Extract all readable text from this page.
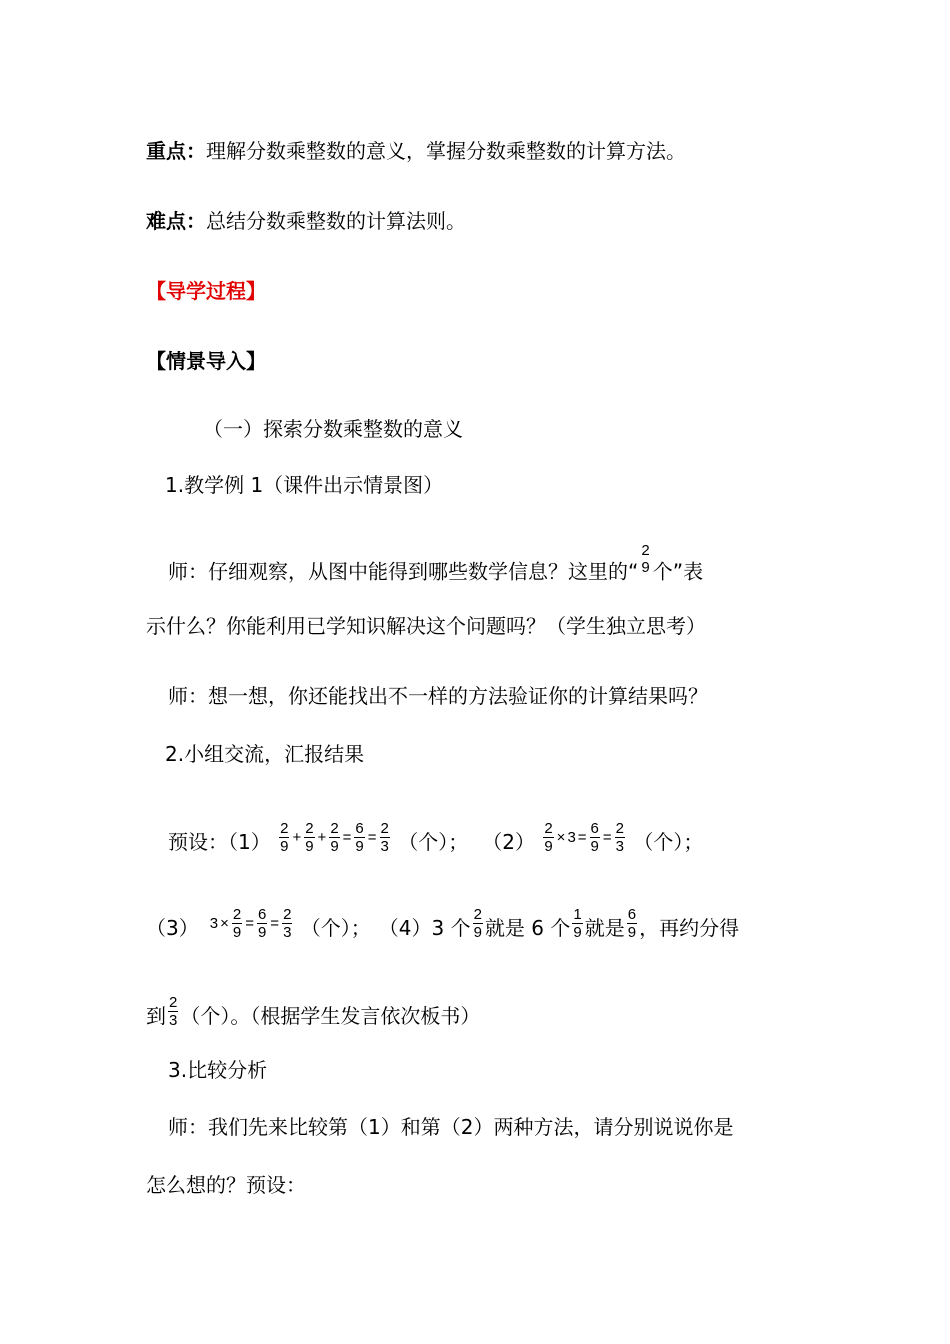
重点：理解分数乘整数的意义，掌握分数乘整数的计算方法。
难点：总结分数乘整数的计算法则。
【导学过程】
【情景导入】
（一）探索分数乘整数的意义
1.教学例 1（课件出示情景图）
师：仔细观察，从图中能得到哪些数学信息？这里的“
2
9 个”表
示什么？你能利用已学知识解决这个问题吗？（学生独立思考）
师：想一想，你还能找出不一样的方法验证你的计算结果吗？
2.小组交流，汇报结果
预设：$(1) \frac{2}{9} ^+ \frac{2}{9} ^+ \frac{2}{9} ^= \frac{6}{9} ^= \frac{2}{3}$ （个）； $(2) \frac{2}{9} ^\times$ $^3$ $^= \frac{6}{9} ^= \frac{2}{3}$ （个）；
（3） $^3$ $^\times \frac{2}{9} ^= \frac{6}{9} ^= \frac{2}{3}$ （个）； （4）3 个 $\frac{2}{9}$ 就是 6 个 $\frac{1}{9}$ 就是 $\frac{6}{9}$ ，再约分得
到 $\frac{2}{3}$ （个）。（根据学生发言依次板书）
3.比较分析
师：我们先来比较第（1）和第（2）两种方法，请分别说说你是
怎么想的？预设：
